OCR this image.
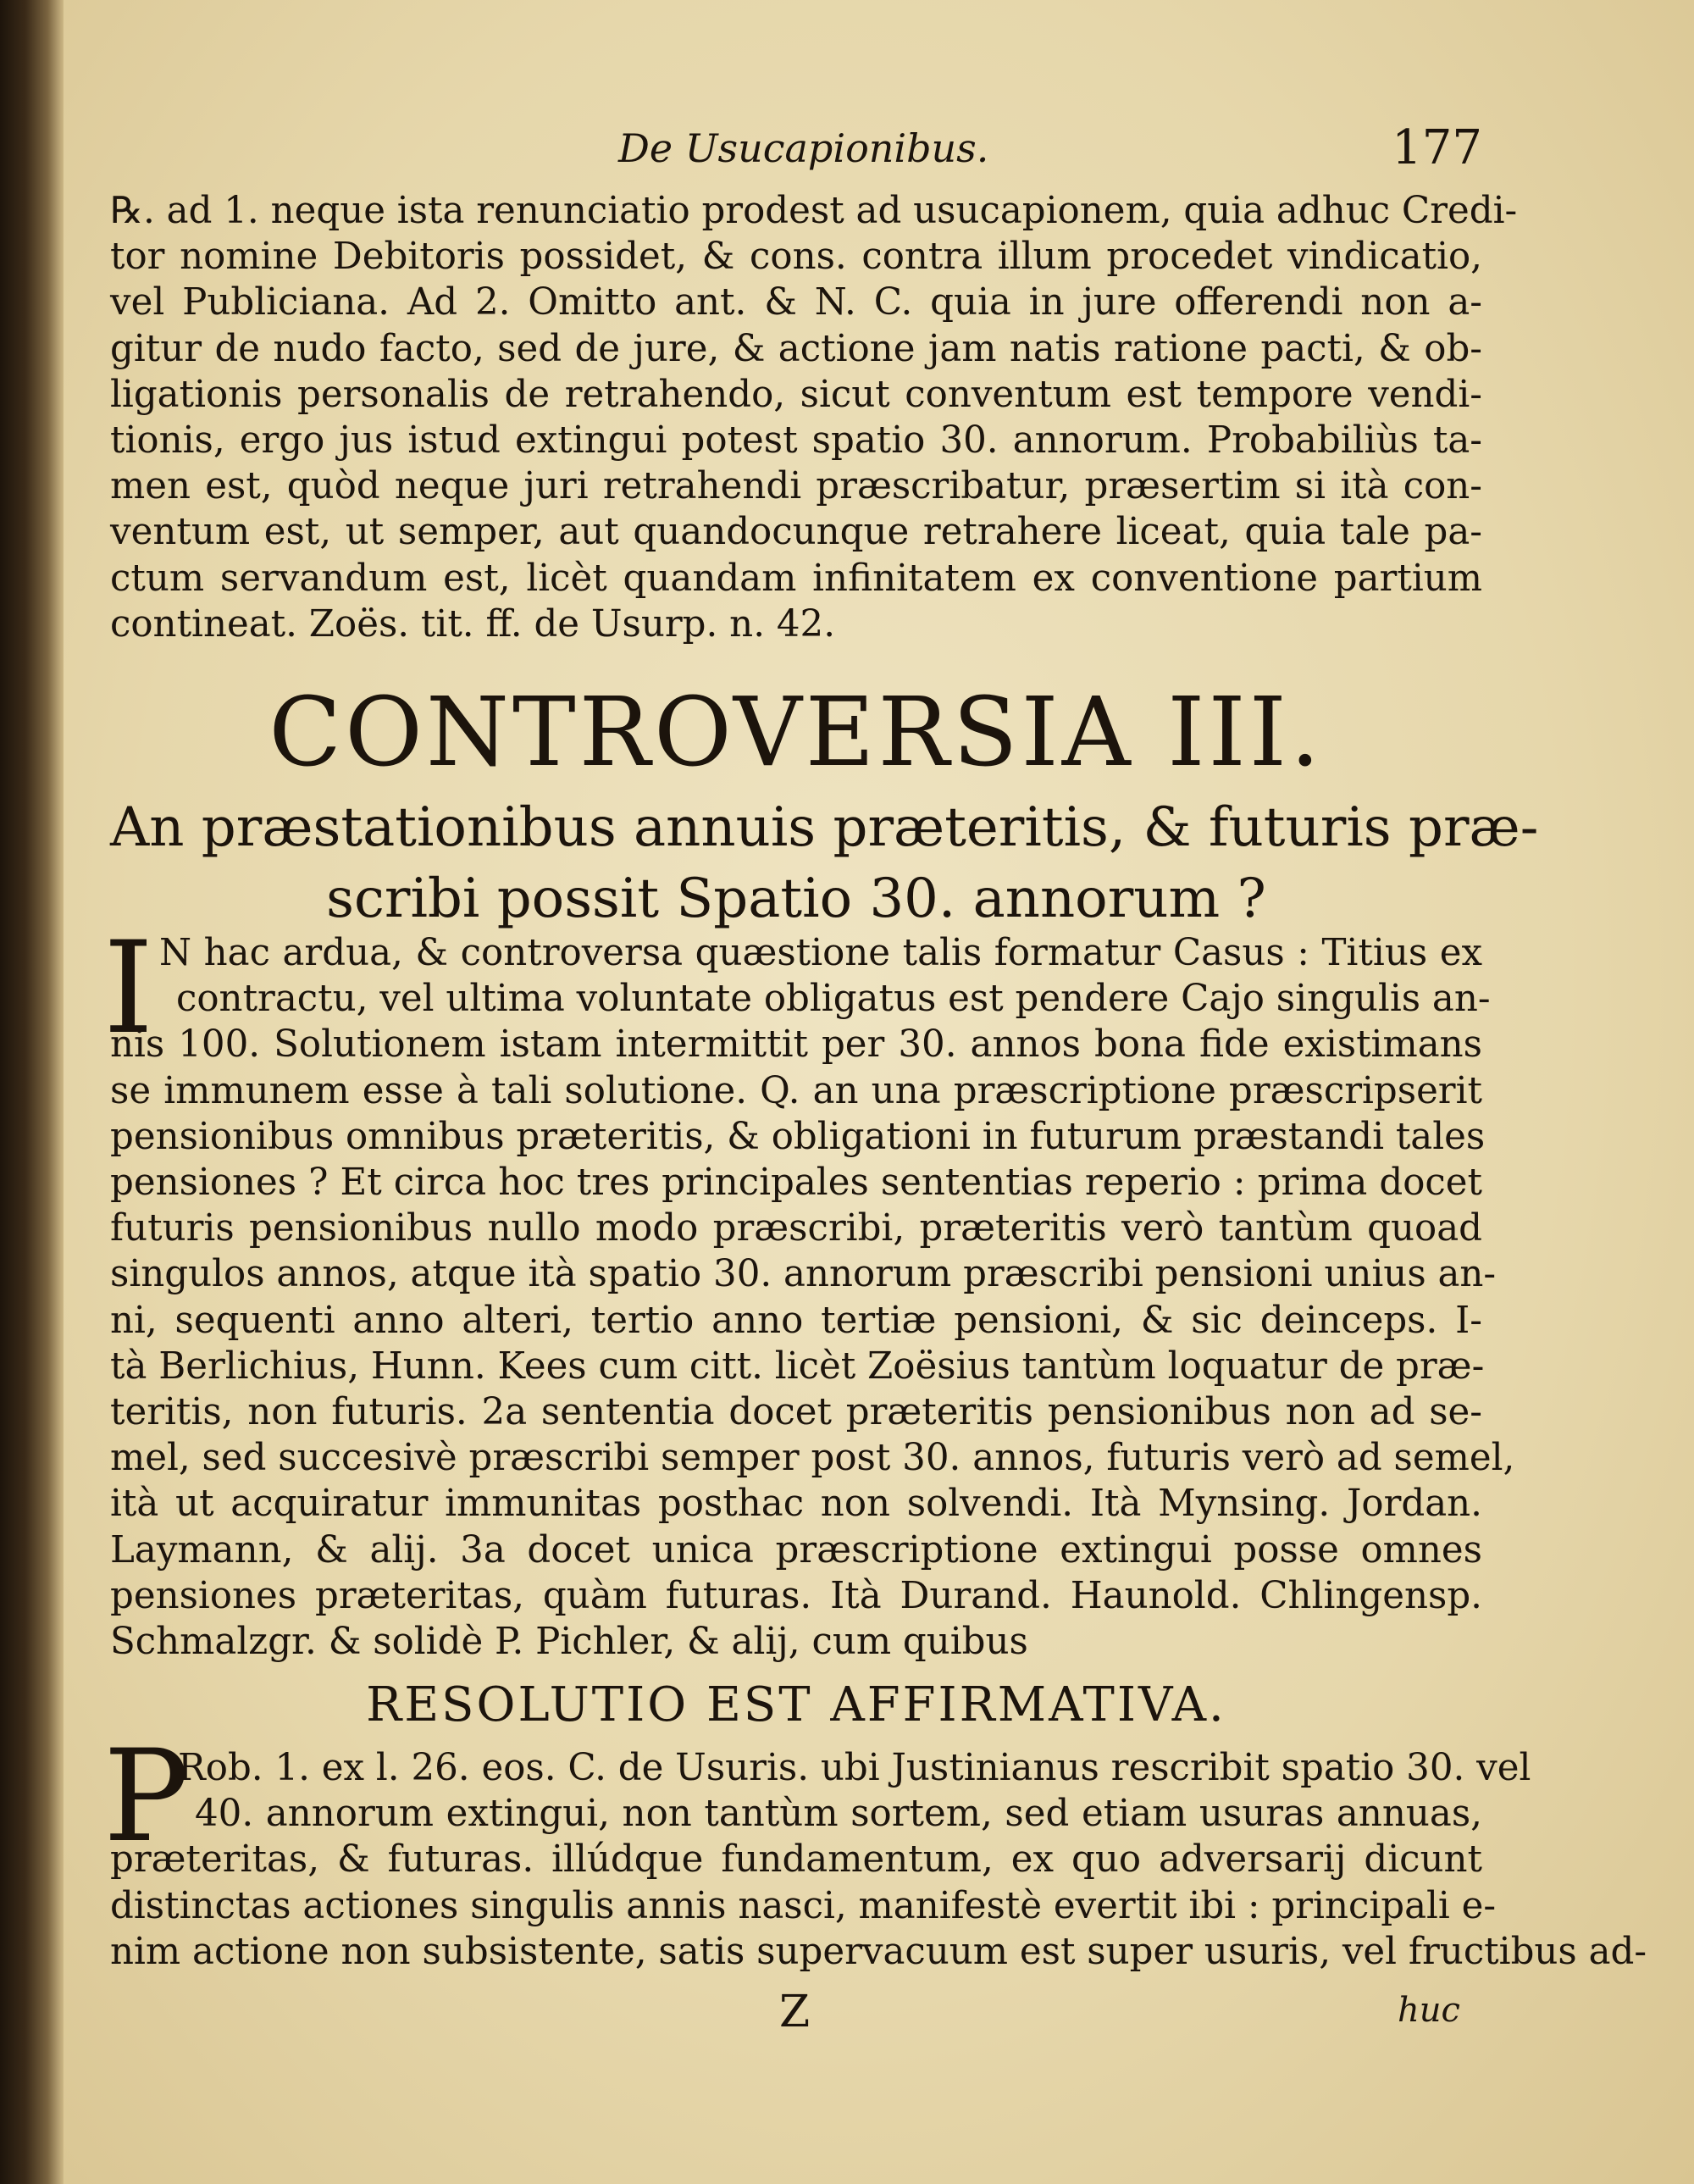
De Usucapionibus.	177
℞. ad 1. neque ista renunciatio prodest ad usucapionem, quia adhuc Credi-
tor nomine Debitoris possidet, & cons. contra illum procedet vindicatio,
vel Publiciana. Ad 2. Omitto ant. & N. C. quia in jure offerendi non a-
gitur de nudo facto, sed de jure, & actione jam natis ratione pacti, & ob-
ligationis personalis de retrahendo, sicut conventum est tempore vendi-
tionis, ergo jus istud extingui potest spatio 30. annorum. Probabiliùs ta-
men est, quòd neque juri retrahendi præscribatur, præsertim si ità con-
ventum est, ut semper, aut quandocunque retrahere liceat, quia tale pa-
ctum servandum est, licèt quandam infinitatem ex conventione partium
contineat. Zoës. tit. ff. de Usurp. n. 42.
CONTROVERSIA III.
An præstationibus annuis præteritis, & futuris præ-
scribi possit Spatio 30. annorum ?
I N hac ardua, & controversa quæstione talis formatur Casus : Titius ex
contractu, vel ultima voluntate obligatus est pendere Cajo singulis an-
nis 100. Solutionem istam intermittit per 30. annos bona fide existimans
se immunem esse à tali solutione. Q. an una præscriptione præscripserit
pensionibus omnibus præteritis, & obligationi in futurum præstandi tales
pensiones ? Et circa hoc tres principales sententias reperio : prima docet
futuris pensionibus nullo modo præscribi, præteritis verò tantùm quoad
singulos annos, atque ità spatio 30. annorum præscribi pensioni unius an-
ni, sequenti anno alteri, tertio anno tertiæ pensioni, & sic deinceps. I-
tà Berlichius, Hunn. Kees cum citt. licèt Zoësius tantùm loquatur de præ-
teritis, non futuris. 2a sententia docet præteritis pensionibus non ad se-
mel, sed succesivè præscribi semper post 30. annos, futuris verò ad semel,
ità ut acquiratur immunitas posthac non solvendi. Ità Mynsing. Jordan.
Laymann, & alij. 3a docet unica præscriptione extingui posse omnes
pensiones præteritas, quàm futuras. Ità Durand. Haunold. Chlingensp.
Schmalzgr. & solidè P. Pichler, & alij, cum quibus
RESOLUTIO EST AFFIRMATIVA.
P
Rob. 1. ex l. 26. eos. C. de Usuris. ubi Justinianus rescribit spatio 30. vel
40. annorum extingui, non tantùm sortem, sed etiam usuras annuas,
præteritas, & futuras. illúdque fundamentum, ex quo adversarij dicunt
distinctas actiones singulis annis nasci, manifestè evertit ibi : principali e-
nim actione non subsistente, satis supervacuum est super usuris, vel fructibus ad-
Z	huc
